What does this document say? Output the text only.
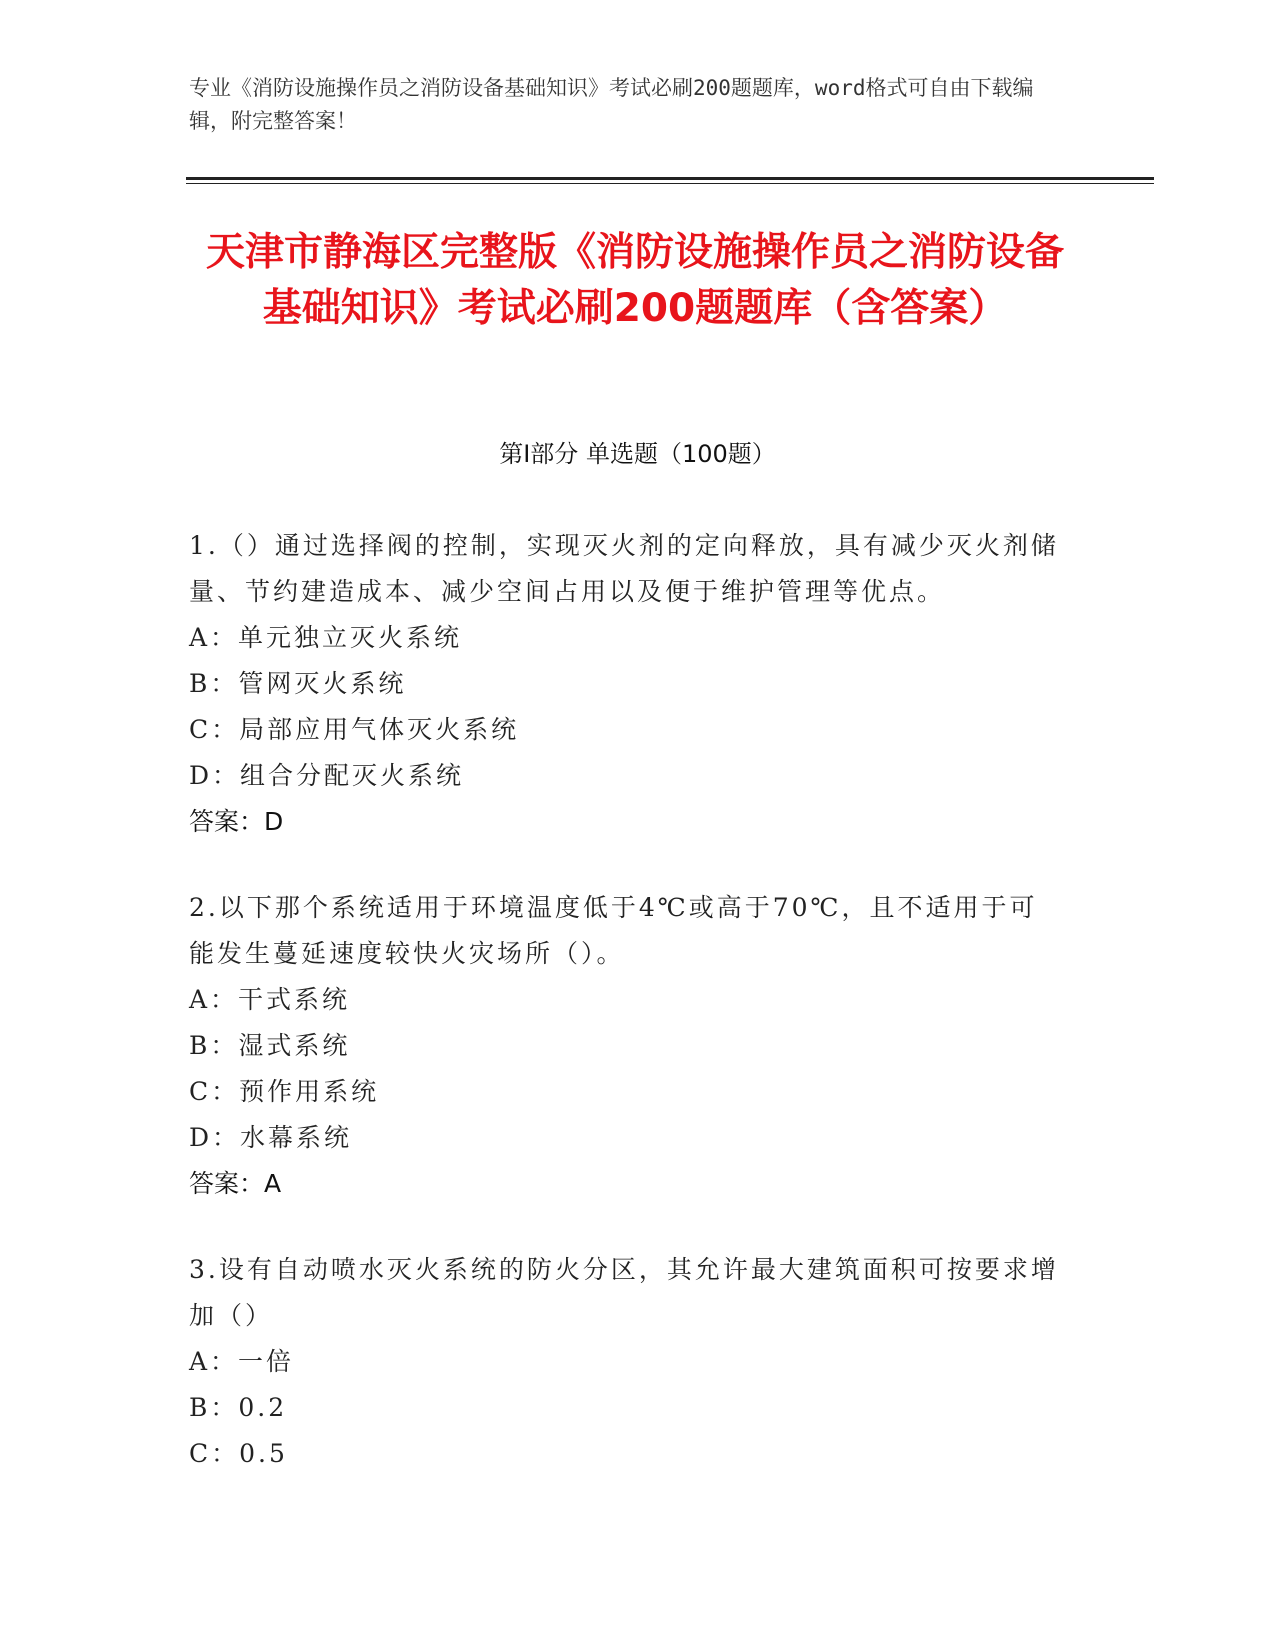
专业《消防设施操作员之消防设备基础知识》考试必刷200题题库，word格式可自由下载编辑，附完整答案！
天津市静海区完整版《消防设施操作员之消防设备基础知识》考试必刷200题题库（含答案）
第I部分 单选题（100题）
1.（）通过选择阀的控制，实现灭火剂的定向释放，具有减少灭火剂储量、节约建造成本、减少空间占用以及便于维护管理等优点。
A：单元独立灭火系统
B：管网灭火系统
C：局部应用气体灭火系统
D：组合分配灭火系统
答案：D
2.以下那个系统适用于环境温度低于4℃或高于70℃，且不适用于可能发生蔓延速度较快火灾场所（）。
A：干式系统
B：湿式系统
C：预作用系统
D：水幕系统
答案：A
3.设有自动喷水灭火系统的防火分区，其允许最大建筑面积可按要求增加（）
A：一倍
B：0.2
C：0.5
